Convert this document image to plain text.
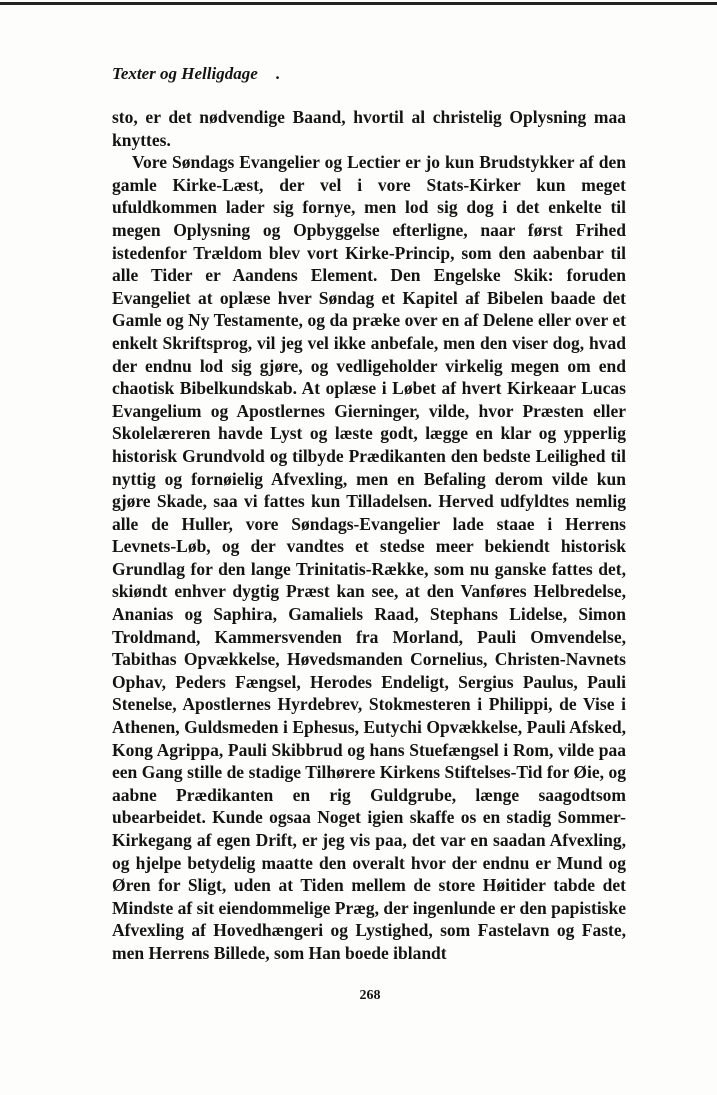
Texter og Helligdage .

sto, er det nødvendige Baand, hvortil al christelig Oplysning maa knyttes.

Vore Søndags Evangelier og Lectier er jo kun Brudstykker af den gamle Kirke-Læst, der vel i vore Stats-Kirker kun meget ufuldkommen lader sig fornye, men lod sig dog i det enkelte til megen Oplysning og Opbyggelse efterligne, naar først Frihed istedenfor Trældom blev vort Kirke-Princip, som den aabenbar til alle Tider er Aandens Element. Den Engelske Skik: foruden Evangeliet at oplæse hver Søndag et Kapitel af Bibelen baade det Gamle og Ny Testamente, og da præke over en af Delene eller over et enkelt Skriftsprog, vil jeg vel ikke anbefale, men den viser dog, hvad der endnu lod sig gjøre, og vedligeholder virkelig megen om end chaotisk Bibelkundskab. At oplæse i Løbet af hvert Kirkeaar Lucas Evangelium og Apostlernes Gierninger, vilde, hvor Præsten eller Skolelæreren havde Lyst og læste godt, lægge en klar og ypperlig historisk Grundvold og tilbyde Prædikanten den bedste Leilighed til nyttig og fornøielig Afvexling, men en Befaling derom vilde kun gjøre Skade, saa vi fattes kun Tilladelsen. Herved udfyldtes nemlig alle de Huller, vore Søndags-Evangelier lade staae i Herrens Levnets-Løb, og der vandtes et stedse meer bekiendt historisk Grundlag for den lange Trinitatis-Række, som nu ganske fattes det, skiøndt enhver dygtig Præst kan see, at den Vanføres Helbredelse, Ananias og Saphira, Gamaliels Raad, Stephans Lidelse, Simon Troldmand, Kammersvenden fra Morland, Pauli Omvendelse, Tabithas Opvækkelse, Høvedsmanden Cornelius, Christen-Navnets Ophav, Peders Fængsel, Herodes Endeligt, Sergius Paulus, Pauli Stenelse, Apostlernes Hyrdebrev, Stokmesteren i Philippi, de Vise i Athenen, Guldsmeden i Ephesus, Eutychi Opvækkelse, Pauli Afsked, Kong Agrippa, Pauli Skibbrud og hans Stuefængsel i Rom, vilde paa een Gang stille de stadige Tilhørere Kirkens Stiftelses-Tid for Øie, og aabne Prædikanten en rig Guldgrube, længe saagodtsom ubearbeidet. Kunde ogsaa Noget igien skaffe os en stadig Sommer-Kirkegang af egen Drift, er jeg vis paa, det var en saadan Afvexling, og hjelpe betydelig maatte den overalt hvor der endnu er Mund og Øren for Sligt, uden at Tiden mellem de store Høitider tabde det Mindste af sit eiendommelige Præg, der ingenlunde er den papistiske Afvexling af Hovedhængeri og Lystighed, som Fastelavn og Faste, men Herrens Billede, som Han boede iblandt

268
